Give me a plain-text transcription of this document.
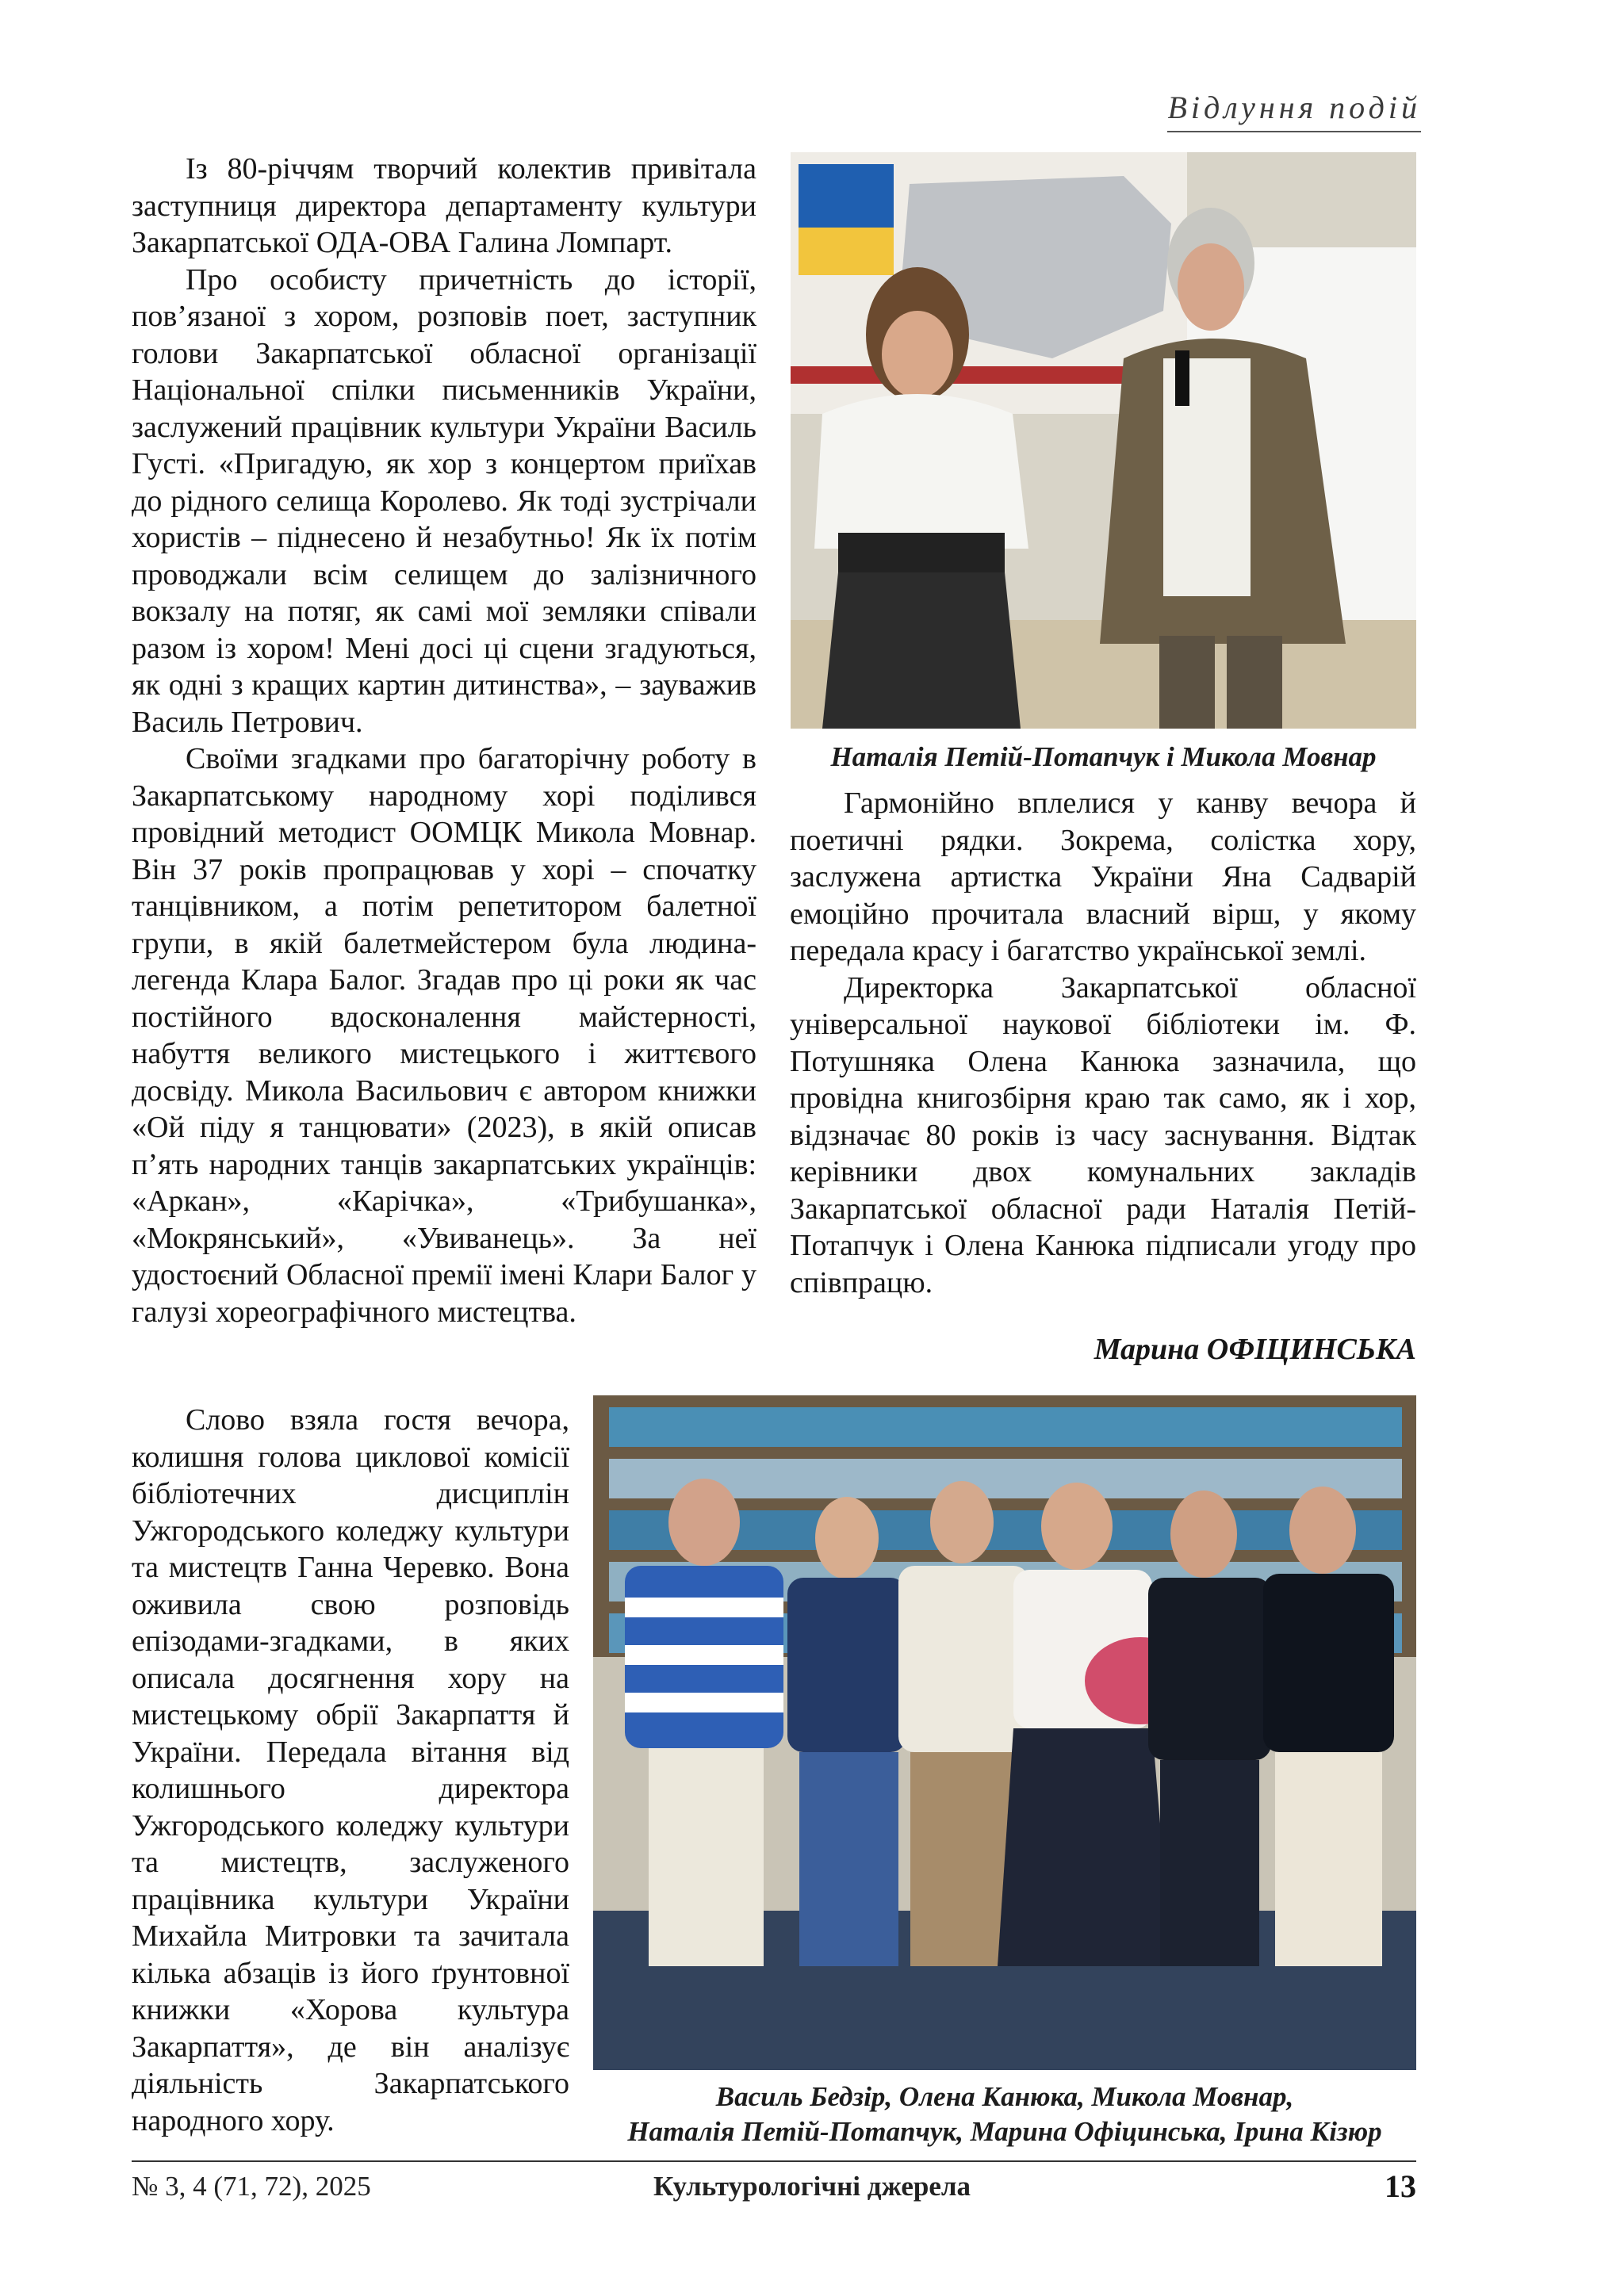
Відлуння подій

Із 80-річчям творчий колектив привітала заступниця директора департаменту культури Закарпатської ОДА-ОВА Галина Ломпарт.

Про особисту причетність до історії, пов’язаної з хором, розповів поет, заступник голови Закарпатської обласної організації Національної спілки письменників України, заслужений працівник культури України Василь Густі. «Пригадую, як хор з концертом приїхав до рідного селища Королево. Як тоді зустрічали хористів – піднесено й незабутньо! Як їх потім проводжали всім селищем до залізничного вокзалу на потяг, як самі мої земляки співали разом із хором! Мені досі ці сцени згадуються, як одні з кращих картин дитинства», – зауважив Василь Петрович.

Своїми згадками про багаторічну роботу в Закарпатському народному хорі поділився провідний методист ООМЦК Микола Мовнар. Він 37 років пропрацював у хорі – спочатку танцівником, а потім репетитором балетної групи, в якій балетмейстером була людина-легенда Клара Балог. Згадав про ці роки як час постійного вдосконалення майстерності, набуття великого мистецького і життєвого досвіду. Микола Васильович є автором книжки «Ой піду я танцювати» (2023), в якій описав п’ять народних танців закарпатських українців: «Аркан», «Карічка», «Трибушанка», «Мокрянський», «Увиванець». За неї удостоєний Обласної премії імені Клари Балог у галузі хореографічного мистецтва.

Слово взяла гостя вечора, колишня голова циклової комісії бібліотечних дисциплін Ужгородського коледжу культури та мистецтв Ганна Черевко. Вона оживила свою розповідь епізодами-згадками, в яких описала досягнення хору на мистецькому обрії Закарпаття й України. Передала вітання від колишнього директора Ужгородського коледжу культури та мистецтв, заслуженого працівника культури України Михайла Митровки та зачитала кілька абзаців із його ґрунтовної книжки «Хорова культура Закарпаття», де він аналізує діяльність Закарпатського народного хору.

Наталія Петій-Потапчук і Микола Мовнар

Гармонійно вплелися у канву вечора й поетичні рядки. Зокрема, солістка хору, заслужена артистка України Яна Садварій емоційно прочитала власний вірш, у якому передала красу і багатство української землі.

Директорка Закарпатської обласної універсальної наукової бібліотеки ім. Ф. Потушняка Олена Канюка зазначила, що провідна книгозбірня краю так само, як і хор, відзначає 80 років із часу заснування. Відтак керівники двох комунальних закладів Закарпатської обласної ради Наталія Петій-Потапчук і Олена Канюка підписали угоду про співпрацю.

Марина ОФІЦИНСЬКА
Василь Бедзір, Олена Канюка, Микола Мовнар,
Наталія Петій-Потапчук, Марина Офіцинська, Ірина Кізюр
№ 3, 4 (71, 72), 2025	Культурологічні джерела	13
